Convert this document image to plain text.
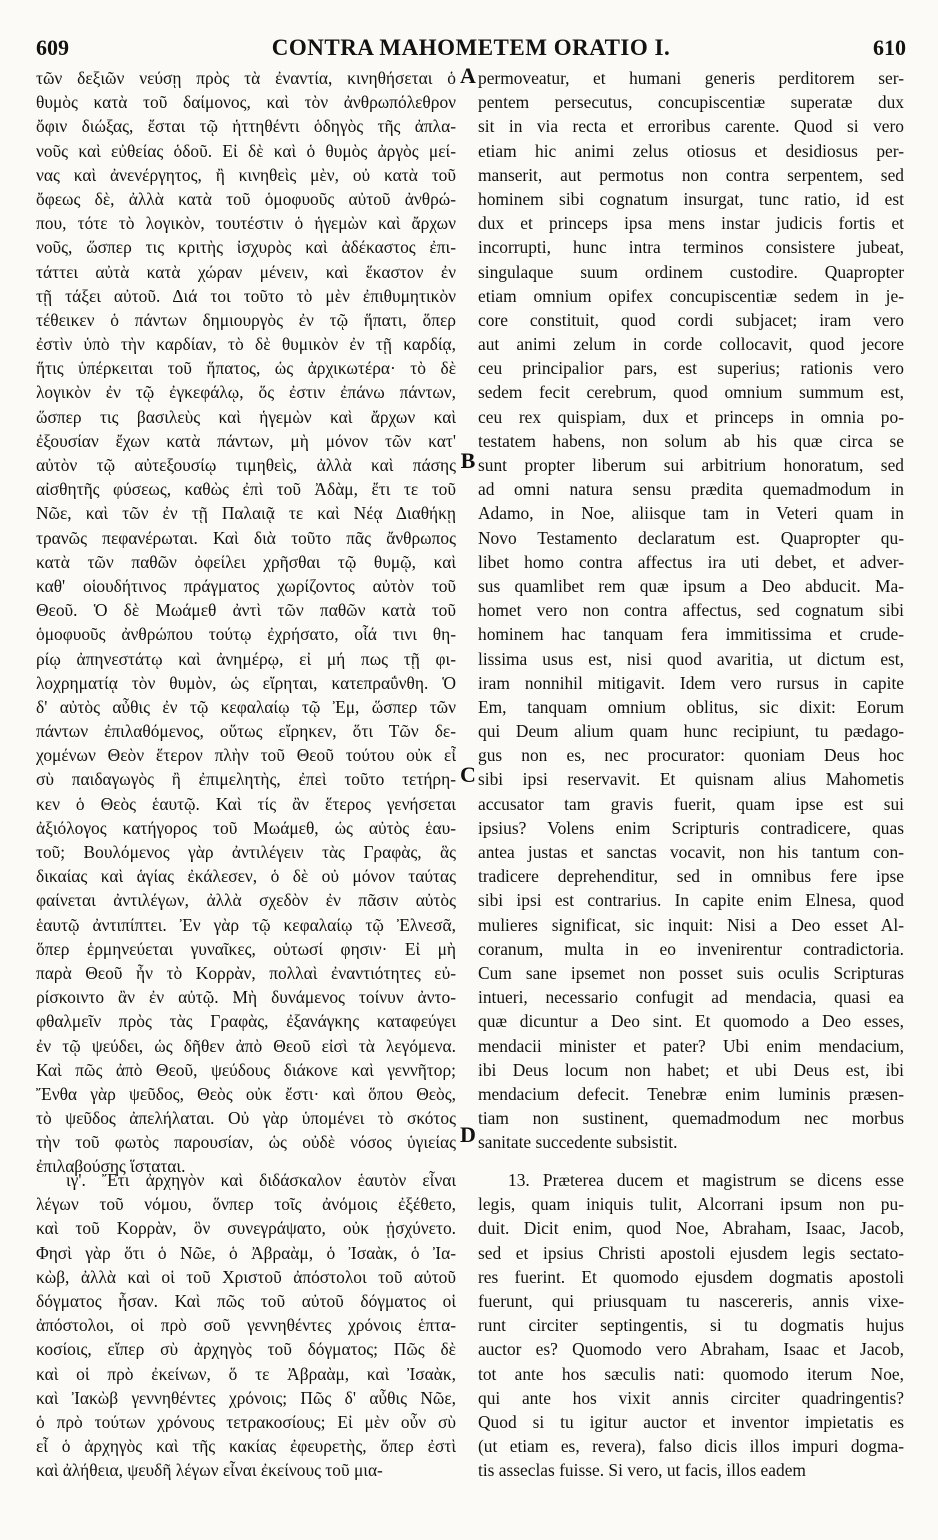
609	CONTRA MAHOMETEM ORATIO I.	610
τῶν δεξιῶν νεύσῃ πρὸς τὰ ἐναντία, κινηθήσεται ὁ
θυμὸς κατὰ τοῦ δαίμονος, καὶ τὸν ἀνθρωπόλεθρον
ὄφιν διώξας, ἔσται τῷ ἡττηθέντι ὁδηγὸς τῆς ἀπλα-
νοῦς καὶ εὐθείας ὁδοῦ. Εἰ δὲ καὶ ὁ θυμὸς ἀργὸς μεί-
νας καὶ ἀνενέργητος, ἢ κινηθεὶς μὲν, οὐ κατὰ τοῦ
ὄφεως δὲ, ἀλλὰ κατὰ τοῦ ὁμοφυοῦς αὐτοῦ ἀνθρώ-
που, τότε τὸ λογικὸν, τουτέστιν ὁ ἡγεμὼν καὶ ἄρχων
νοῦς, ὥσπερ τις κριτὴς ἰσχυρὸς καὶ ἀδέκαστος ἐπι-
τάττει αὐτὰ κατὰ χώραν μένειν, καὶ ἕκαστον ἐν
τῇ τάξει αὐτοῦ. Διά τοι τοῦτο τὸ μὲν ἐπιθυμητικὸν
τέθεικεν ὁ πάντων δημιουργὸς ἐν τῷ ἥπατι, ὅπερ
ἐστὶν ὑπὸ τὴν καρδίαν, τὸ δὲ θυμικὸν ἐν τῇ καρδίᾳ,
ἥτις ὑπέρκειται τοῦ ἥπατος, ὡς ἀρχικωτέρα· τὸ δὲ
λογικὸν ἐν τῷ ἐγκεφάλῳ, ὅς ἐστιν ἐπάνω πάντων,
ὥσπερ τις βασιλεὺς καὶ ἡγεμὼν καὶ ἄρχων καὶ
ἐξουσίαν ἔχων κατὰ πάντων, μὴ μόνον τῶν κατ'
αὐτὸν τῷ αὐτεξουσίῳ τιμηθεὶς, ἀλλὰ καὶ πάσης
αἰσθητῆς φύσεως, καθὼς ἐπὶ τοῦ Ἀδὰμ, ἔτι τε τοῦ
Νῶε, καὶ τῶν ἐν τῇ Παλαιᾷ τε καὶ Νέᾳ Διαθήκῃ
τρανῶς πεφανέρωται. Καὶ διὰ τοῦτο πᾶς ἄνθρωπος
κατὰ τῶν παθῶν ὀφείλει χρῆσθαι τῷ θυμῷ, καὶ
καθ' οἱουδήτινος πράγματος χωρίζοντος αὐτὸν τοῦ
Θεοῦ. Ὁ δὲ Μωάμεθ ἀντὶ τῶν παθῶν κατὰ τοῦ
ὁμοφυοῦς ἀνθρώπου τούτῳ ἐχρήσατο, οἷά τινι θη-
ρίῳ ἀπηνεστάτῳ καὶ ἀνημέρῳ, εἰ μή πως τῇ φι-
λοχρηματίᾳ τὸν θυμὸν, ὡς εἴρηται, κατεπραΰνθη. Ὁ
δ' αὐτὸς αὖθις ἐν τῷ κεφαλαίῳ τῷ Ἐμ, ὥσπερ τῶν
πάντων ἐπιλαθόμενος, οὕτως εἴρηκεν, ὅτι Τῶν δε-
χομένων Θεὸν ἕτερον πλὴν τοῦ Θεοῦ τούτου οὐκ εἶ
σὺ παιδαγωγὸς ἢ ἐπιμελητὴς, ἐπεὶ τοῦτο τετήρη-
κεν ὁ Θεὸς ἑαυτῷ. Καὶ τίς ἂν ἕτερος γενήσεται
ἀξιόλογος κατήγορος τοῦ Μωάμεθ, ὡς αὐτὸς ἑαυ-
τοῦ; Βουλόμενος γὰρ ἀντιλέγειν τὰς Γραφὰς, ἃς
δικαίας καὶ ἁγίας ἐκάλεσεν, ὁ δὲ οὐ μόνον ταύτας
φαίνεται ἀντιλέγων, ἀλλὰ σχεδὸν ἐν πᾶσιν αὐτὸς
ἑαυτῷ ἀντιπίπτει. Ἐν γὰρ τῷ κεφαλαίῳ τῷ Ἐλνεσᾶ,
ὅπερ ἑρμηνεύεται γυναῖκες, οὑτωσί φησιν· Εἰ μὴ
παρὰ Θεοῦ ἦν τὸ Κορρὰν, πολλαὶ ἐναντιότητες εὐ-
ρίσκοιντο ἂν ἐν αὐτῷ. Μὴ δυνάμενος τοίνυν ἀντο-
φθαλμεῖν πρὸς τὰς Γραφὰς, ἐξανάγκης καταφεύγει
ἐν τῷ ψεύδει, ὡς δῆθεν ἀπὸ Θεοῦ εἰσὶ τὰ λεγόμενα.
Καὶ πῶς ἀπὸ Θεοῦ, ψεύδους διάκονε καὶ γεννῆτορ;
Ἔνθα γὰρ ψεῦδος, Θεὸς οὐκ ἔστι· καὶ ὅπου Θεὸς,
τὸ ψεῦδος ἀπελήλαται. Οὐ γὰρ ὑπομένει τὸ σκότος
τὴν τοῦ φωτὸς παρουσίαν, ὡς οὐδὲ νόσος ὑγιείας
ἐπιλαβούσης ἵσταται.
permoveatur, et humani generis perditorem ser-
pentem persecutus, concupiscentiæ superatæ dux
sit in via recta et erroribus carente. Quod si vero
etiam hic animi zelus otiosus et desidiosus per-
manserit, aut permotus non contra serpentem, sed
hominem sibi cognatum insurgat, tunc ratio, id est
dux et princeps ipsa mens instar judicis fortis et
incorrupti, hunc intra terminos consistere jubeat,
singulaque suum ordinem custodire. Quapropter
etiam omnium opifex concupiscentiæ sedem in je-
core constituit, quod cordi subjacet; iram vero
aut animi zelum in corde collocavit, quod jecore
ceu principalior pars, est superius; rationis vero
sedem fecit cerebrum, quod omnium summum est,
ceu rex quispiam, dux et princeps in omnia po-
testatem habens, non solum ab his quæ circa se
sunt propter liberum sui arbitrium honoratum, sed
ad omni natura sensu prædita quemadmodum in
Adamo, in Noe, aliisque tam in Veteri quam in
Novo Testamento declaratum est. Quapropter qu-
libet homo contra affectus ira uti debet, et adver-
sus quamlibet rem quæ ipsum a Deo abducit. Ma-
homet vero non contra affectus, sed cognatum sibi
hominem hac tanquam fera immitissima et crude-
lissima usus est, nisi quod avaritia, ut dictum est,
iram nonnihil mitigavit. Idem vero rursus in capite
Em, tanquam omnium oblitus, sic dixit: Eorum
qui Deum alium quam hunc recipiunt, tu pædago-
gus non es, nec procurator: quoniam Deus hoc
sibi ipsi reservavit. Et quisnam alius Mahometis
accusator tam gravis fuerit, quam ipse est sui
ipsius? Volens enim Scripturis contradicere, quas
antea justas et sanctas vocavit, non his tantum con-
tradicere deprehenditur, sed in omnibus fere ipse
sibi ipsi est contrarius. In capite enim Elnesa, quod
mulieres significat, sic inquit: Nisi a Deo esset Al-
coranum, multa in eo invenirentur contradictoria.
Cum sane ipsemet non posset suis oculis Scripturas
intueri, necessario confugit ad mendacia, quasi ea
quæ dicuntur a Deo sint. Et quomodo a Deo esses,
mendacii minister et pater? Ubi enim mendacium,
ibi Deus locum non habet; et ubi Deus est, ibi
mendacium defecit. Tenebræ enim luminis præsen-
tiam non sustinent, quemadmodum nec morbus
sanitate succedente subsistit.
ιγ'. Ἔτι ἀρχηγὸν καὶ διδάσκαλον ἑαυτὸν εἶναι
λέγων τοῦ νόμου, ὅνπερ τοῖς ἀνόμοις ἐξέθετο,
καὶ τοῦ Κορρὰν, ὃν συνεγράψατο, οὐκ ᾐσχύνετο.
Φησὶ γὰρ ὅτι ὁ Νῶε, ὁ Ἀβραὰμ, ὁ Ἰσαὰκ, ὁ Ἰα-
κὼβ, ἀλλὰ καὶ οἱ τοῦ Χριστοῦ ἀπόστολοι τοῦ αὐτοῦ
δόγματος ἦσαν. Καὶ πῶς τοῦ αὐτοῦ δόγματος οἱ
ἀπόστολοι, οἱ πρὸ σοῦ γεννηθέντες χρόνοις ἑπτα-
κοσίοις, εἴπερ σὺ ἀρχηγὸς τοῦ δόγματος; Πῶς δὲ
καὶ οἱ πρὸ ἐκείνων, ὅ τε Ἀβραὰμ, καὶ Ἰσαὰκ,
καὶ Ἰακὼβ γεννηθέντες χρόνοις; Πῶς δ' αὖθις Νῶε,
ὁ πρὸ τούτων χρόνους τετρακοσίους; Εἰ μὲν οὖν σὺ
εἶ ὁ ἀρχηγὸς καὶ τῆς κακίας ἐφευρετὴς, ὅπερ ἐστὶ
καὶ ἀλήθεια, ψευδῆ λέγων εἶναι ἐκείνους τοῦ μια-
13. Præterea ducem et magistrum se dicens esse
legis, quam iniquis tulit, Alcorrani ipsum non pu-
duit. Dicit enim, quod Noe, Abraham, Isaac, Jacob,
sed et ipsius Christi apostoli ejusdem legis sectato-
res fuerint. Et quomodo ejusdem dogmatis apostoli
fuerunt, qui priusquam tu nascereris, annis vixe-
runt circiter septingentis, si tu dogmatis hujus
auctor es? Quomodo vero Abraham, Isaac et Jacob,
tot ante hos sæculis nati: quomodo iterum Noe,
qui ante hos vixit annis circiter quadringentis?
Quod si tu igitur auctor et inventor impietatis es
(ut etiam es, revera), falso dicis illos impuri dogma-
tis asseclas fuisse. Si vero, ut facis, illos eadem
A
B
C
D
